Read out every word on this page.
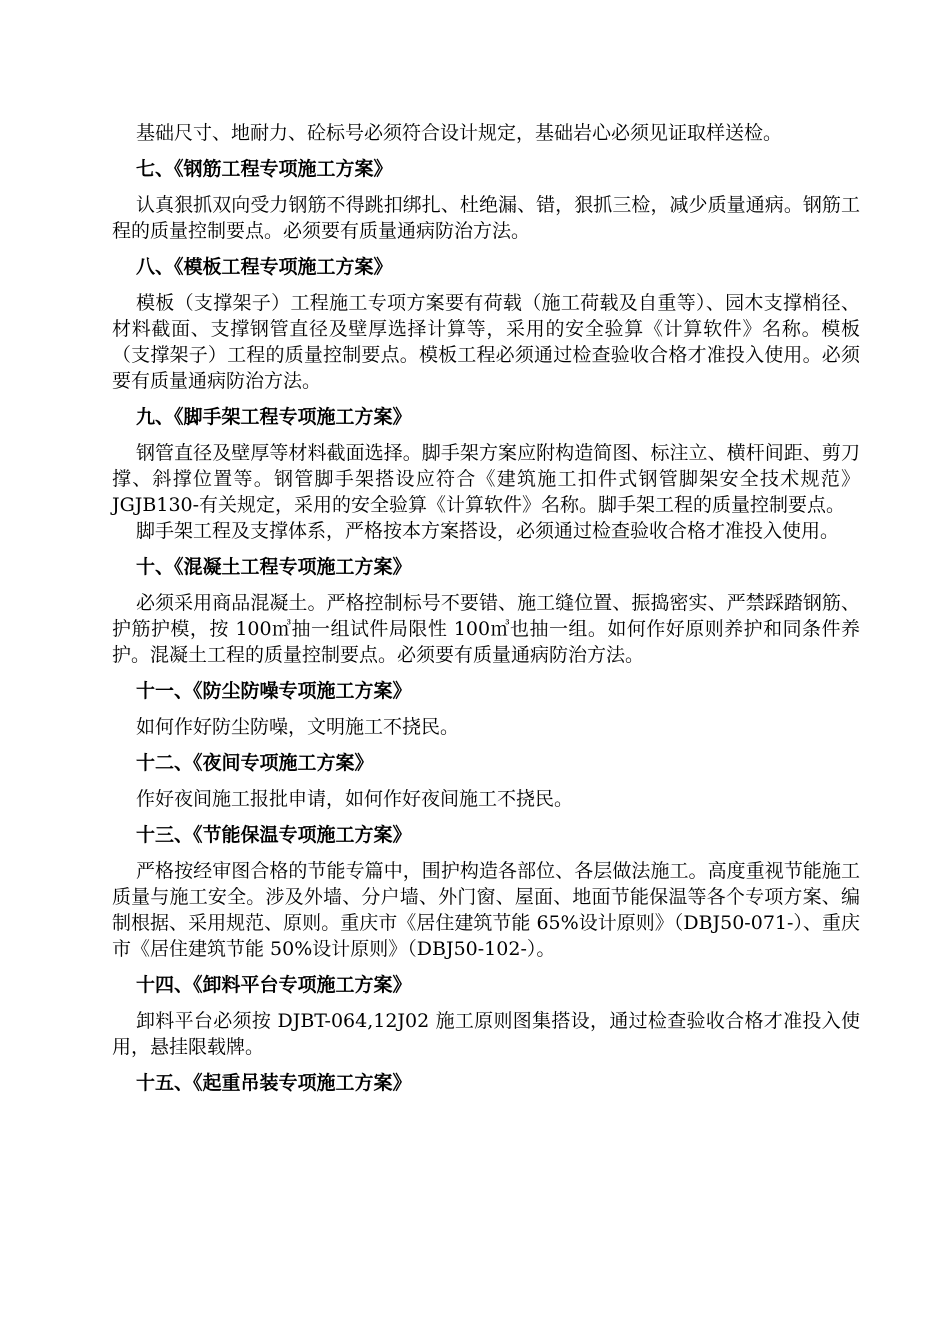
基础尺寸、地耐力、砼标号必须符合设计规定，基础岩心必须见证取样送检。

七、《钢筋工程专项施工方案》

认真狠抓双向受力钢筋不得跳扣绑扎、杜绝漏、错，狠抓三检，减少质量通病。钢筋工程的质量控制要点。必须要有质量通病防治方法。

八、《模板工程专项施工方案》

模板（支撑架子）工程施工专项方案要有荷载（施工荷载及自重等）、园木支撑梢径、材料截面、支撑钢管直径及壁厚选择计算等，采用的安全验算《计算软件》名称。模板（支撑架子）工程的质量控制要点。模板工程必须通过检查验收合格才准投入使用。必须要有质量通病防治方法。

九、《脚手架工程专项施工方案》

钢管直径及壁厚等材料截面选择。脚手架方案应附构造简图、标注立、横杆间距、剪刀撑、斜撑位置等。钢管脚手架搭设应符合《建筑施工扣件式钢管脚架安全技术规范》JGJB130-有关规定，采用的安全验算《计算软件》名称。脚手架工程的质量控制要点。

脚手架工程及支撑体系，严格按本方案搭设，必须通过检查验收合格才准投入使用。

十、《混凝土工程专项施工方案》

必须采用商品混凝土。严格控制标号不要错、施工缝位置、振捣密实、严禁踩踏钢筋、护筋护模，按 100㎥抽一组试件局限性 100㎥也抽一组。如何作好原则养护和同条件养护。混凝土工程的质量控制要点。必须要有质量通病防治方法。

十一、《防尘防噪专项施工方案》

如何作好防尘防噪，文明施工不挠民。

十二、《夜间专项施工方案》

作好夜间施工报批申请，如何作好夜间施工不挠民。

十三、《节能保温专项施工方案》

严格按经审图合格的节能专篇中，围护构造各部位、各层做法施工。高度重视节能施工质量与施工安全。涉及外墙、分户墙、外门窗、屋面、地面节能保温等各个专项方案、编制根据、采用规范、原则。重庆市《居住建筑节能 65%设计原则》（DBJ50-071-）、重庆市《居住建筑节能 50%设计原则》（DBJ50-102-）。

十四、《卸料平台专项施工方案》

卸料平台必须按 DJBT-064,12J02 施工原则图集搭设，通过检查验收合格才准投入使用，悬挂限载牌。

十五、《起重吊装专项施工方案》
